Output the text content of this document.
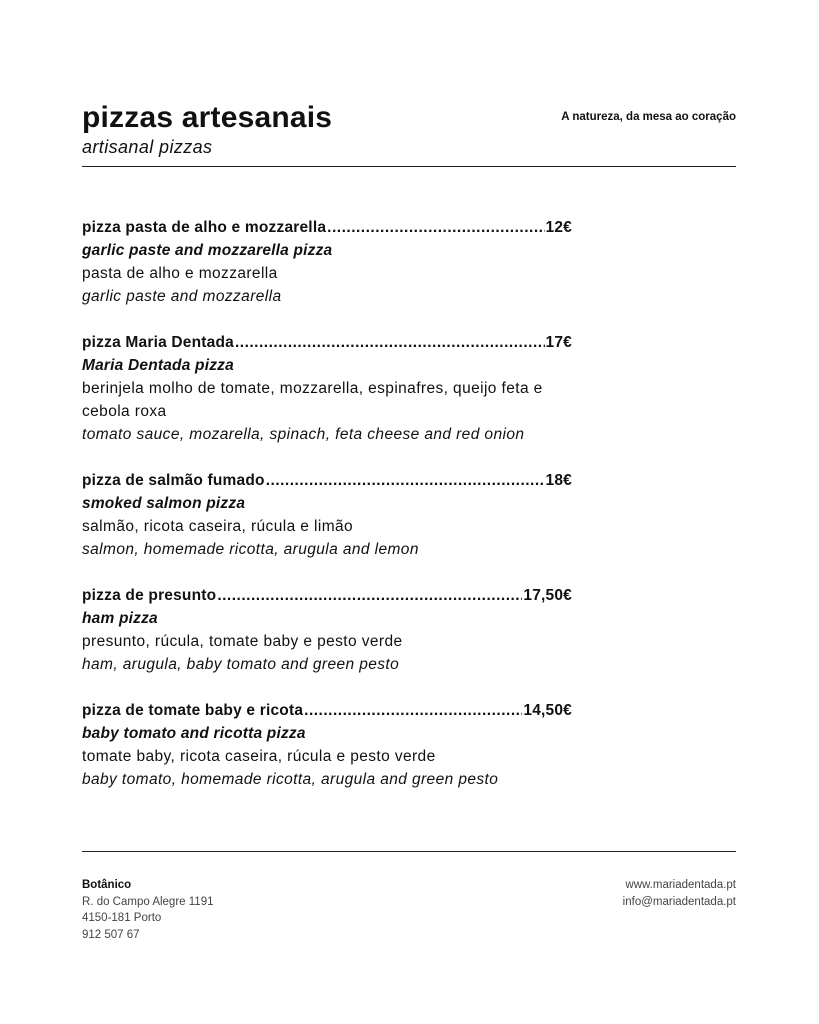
pizzas artesanais
artisanal pizzas
A natureza, da mesa ao coração
pizza pasta de alho e mozzarella .....	12€
garlic paste and mozzarella pizza
pasta de alho e mozzarella
garlic paste and mozzarella
pizza Maria Dentada .....	17€
Maria Dentada pizza
berinjela molho de tomate, mozzarella, espinafres, queijo feta e cebola roxa
tomato sauce, mozarella, spinach, feta cheese and red onion
pizza de salmão fumado .....	18€
smoked salmon pizza
salmão, ricota caseira, rúcula e limão
salmon, homemade ricotta, arugula and lemon
pizza de presunto .....	17,50€
ham pizza
presunto, rúcula, tomate baby e pesto verde
ham, arugula, baby tomato and green pesto
pizza de tomate baby e ricota .....	14,50€
baby tomato and ricotta pizza
tomate baby, ricota caseira, rúcula e pesto verde
baby tomato, homemade ricotta, arugula and green pesto
Botânico
R. do Campo Alegre 1191
4150-181 Porto
912 507 67
www.mariadentada.pt
info@mariadentada.pt
